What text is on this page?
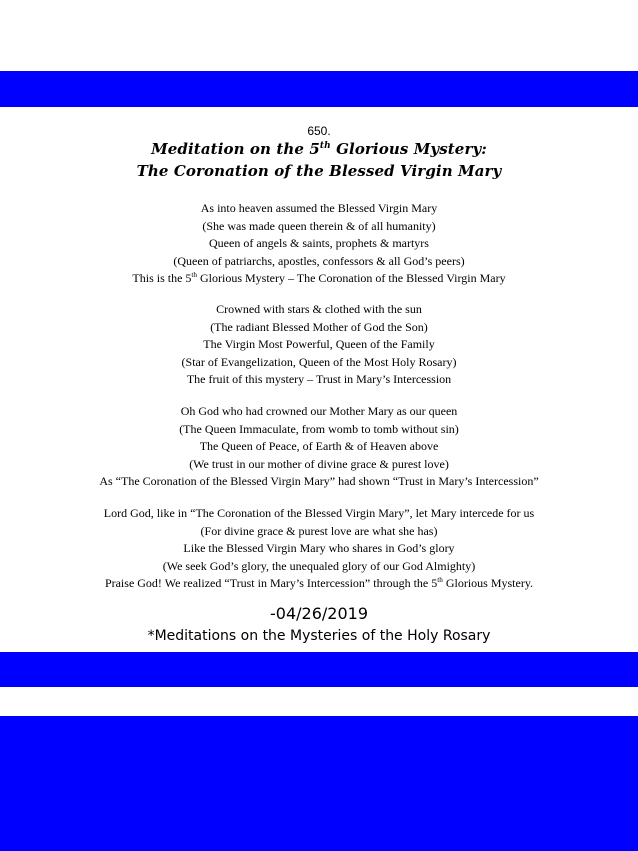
650.
Meditation on the 5th Glorious Mystery:
The Coronation of the Blessed Virgin Mary
As into heaven assumed the Blessed Virgin Mary
(She was made queen therein & of all humanity)
Queen of angels & saints, prophets & martyrs
(Queen of patriarchs, apostles, confessors & all God’s peers)
This is the 5th Glorious Mystery – The Coronation of the Blessed Virgin Mary
Crowned with stars & clothed with the sun
(The radiant Blessed Mother of God the Son)
The Virgin Most Powerful, Queen of the Family
(Star of Evangelization, Queen of the Most Holy Rosary)
The fruit of this mystery – Trust in Mary’s Intercession
Oh God who had crowned our Mother Mary as our queen
(The Queen Immaculate, from womb to tomb without sin)
The Queen of Peace, of Earth & of Heaven above
(We trust in our mother of divine grace & purest love)
As “The Coronation of the Blessed Virgin Mary” had shown “Trust in Mary’s Intercession”
Lord God, like in “The Coronation of the Blessed Virgin Mary”, let Mary intercede for us
(For divine grace & purest love are what she has)
Like the Blessed Virgin Mary who shares in God’s glory
(We seek God’s glory, the unequaled glory of our God Almighty)
Praise God! We realized “Trust in Mary’s Intercession” through the 5th Glorious Mystery.
-04/26/2019
*Meditations on the Mysteries of the Holy Rosary
